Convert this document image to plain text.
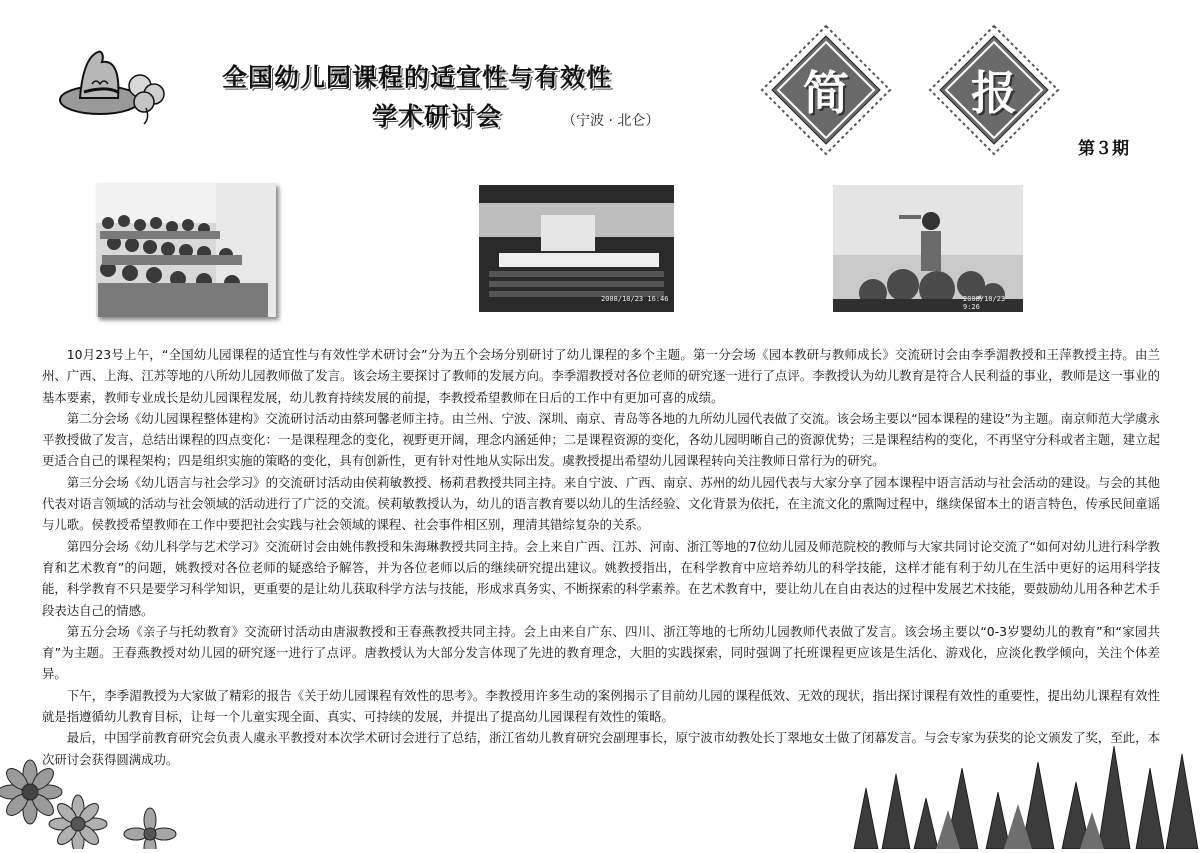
全国幼儿园课程的适宜性与有效性
学术研讨会	（宁波 · 北仑）
简	报
第３期
2008/10/23 16:46	2008/10/23 9:26

10月23号上午，“全国幼儿园课程的适宜性与有效性学术研讨会”分为五个会场分别研讨了幼儿课程的多个主题。第一分会场《园本教研与教师成长》交流研讨会由李季湄教授和王萍教授主持。由兰州、广西、上海、江苏等地的八所幼儿园教师做了发言。该会场主要探讨了教师的发展方向。李季湄教授对各位老师的研究逐一进行了点评。李教授认为幼儿教育是符合人民利益的事业，教师是这一事业的基本要素，教师专业成长是幼儿园课程发展，幼儿教育持续发展的前提，李教授希望教师在日后的工作中有更加可喜的成绩。

第二分会场《幼儿园课程整体建构》交流研讨活动由蔡珂馨老师主持。由兰州、宁波、深圳、南京、青岛等各地的九所幼儿园代表做了交流。该会场主要以“园本课程的建设”为主题。南京师范大学虞永平教授做了发言，总结出课程的四点变化：一是课程理念的变化，视野更开阔，理念内涵延伸；二是课程资源的变化，各幼儿园明晰自己的资源优势；三是课程结构的变化，不再坚守分科或者主题，建立起更适合自己的课程架构；四是组织实施的策略的变化，具有创新性，更有针对性地从实际出发。虞教授提出希望幼儿园课程转向关注教师日常行为的研究。

第三分会场《幼儿语言与社会学习》的交流研讨活动由侯莉敏教授、杨莉君教授共同主持。来自宁波、广西、南京、苏州的幼儿园代表与大家分享了园本课程中语言活动与社会活动的建设。与会的其他代表对语言领域的活动与社会领域的活动进行了广泛的交流。侯莉敏教授认为，幼儿的语言教育要以幼儿的生活经验、文化背景为依托，在主流文化的熏陶过程中，继续保留本土的语言特色，传承民间童谣与儿歌。侯教授希望教师在工作中要把社会实践与社会领域的课程、社会事件相区别，理清其错综复杂的关系。

第四分会场《幼儿科学与艺术学习》交流研讨会由姚伟教授和朱海琳教授共同主持。会上来自广西、江苏、河南、浙江等地的7位幼儿园及师范院校的教师与大家共同讨论交流了“如何对幼儿进行科学教育和艺术教育”的问题，姚教授对各位老师的疑惑给予解答，并为各位老师以后的继续研究提出建议。姚教授指出，在科学教育中应培养幼儿的科学技能，这样才能有利于幼儿在生活中更好的运用科学技能，科学教育不只是要学习科学知识，更重要的是让幼儿获取科学方法与技能，形成求真务实、不断探索的科学素养。在艺术教育中，要让幼儿在自由表达的过程中发展艺术技能，要鼓励幼儿用各种艺术手段表达自己的情感。

第五分会场《亲子与托幼教育》交流研讨活动由唐淑教授和王春燕教授共同主持。会上由来自广东、四川、浙江等地的七所幼儿园教师代表做了发言。该会场主要以“0-3岁婴幼儿的教育”和“家园共育”为主题。王春燕教授对幼儿园的研究逐一进行了点评。唐教授认为大部分发言体现了先进的教育理念，大胆的实践探索，同时强调了托班课程更应该是生活化、游戏化，应淡化教学倾向，关注个体差异。

下午，李季湄教授为大家做了精彩的报告《关于幼儿园课程有效性的思考》。李教授用许多生动的案例揭示了目前幼儿园的课程低效、无效的现状，指出探讨课程有效性的重要性，提出幼儿课程有效性就是指遵循幼儿教育目标，让每一个儿童实现全面、真实、可持续的发展，并提出了提高幼儿园课程有效性的策略。

最后，中国学前教育研究会负责人虞永平教授对本次学术研讨会进行了总结，浙江省幼儿教育研究会副理事长，原宁波市幼教处长丁翠地女士做了闭幕发言。与会专家为获奖的论文颁发了奖，至此，本次研讨会获得圆满成功。
